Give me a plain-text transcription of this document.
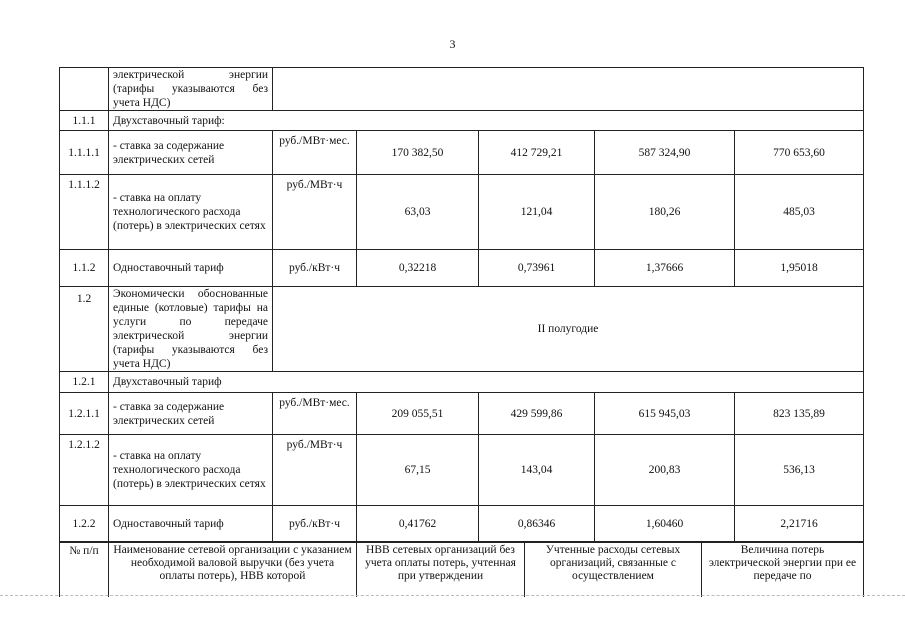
3
	электрической энергии (тарифы указываются без учета НДС)					
1.1.1	Двухставочный тариф:					
1.1.1.1	- ставка за содержание электрических сетей	руб./МВт·мес.	170 382,50	412 729,21	587 324,90	770 653,60
1.1.1.2	- ставка на оплату технологического расхода (потерь) в электрических сетях	руб./МВт·ч	63,03	121,04	180,26	485,03
1.1.2	Одноставочный тариф	руб./кВт·ч	0,32218	0,73961	1,37666	1,95018
1.2	Экономически обоснованные единые (котловые) тарифы на услуги по передаче электрической энергии (тарифы указываются без учета НДС)	II полугодие				
1.2.1	Двухставочный тариф					
1.2.1.1	- ставка за содержание электрических сетей	руб./МВт·мес.	209 055,51	429 599,86	615 945,03	823 135,89
1.2.1.2	- ставка на оплату технологического расхода (потерь) в электрических сетях	руб./МВт·ч	67,15	143,04	200,83	536,13
1.2.2	Одноставочный тариф	руб./кВт·ч	0,41762	0,86346	1,60460	2,21716
№ п/п	Наименование сетевой организации с указанием необходимой валовой выручки (без учета оплаты потерь), НВВ которой	НВВ сетевых организаций без учета оплаты потерь, учтенная при утверждении	Учтенные расходы сетевых организаций, связанные с осуществлением	Величина потерь электрической энергии при ее передаче по
